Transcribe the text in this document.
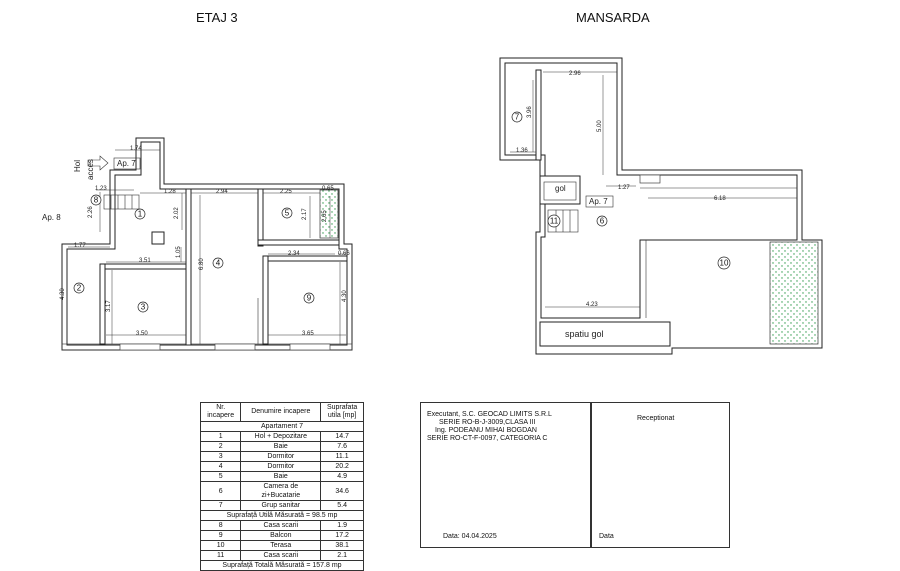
ETAJ 3	MANSARDA
1.74
1.23
2.26
1.28
2.02
2.94	2.25	0.65
2.17 2.65
1.77
3.51
1.05
6.80
2.34	0.66
4.30
3.17
3.50	3.65
4.30
Hol acces	Ap. 7
Ap. 8	1
2
3
4
5
8
9
2.96
3.96
5.00
1.36
1.27
6.18
4.23
gol
Ap. 7
spatiu gol
6
7
10
11
Nr. incapere	Denumire incapere	Suprafata utila [mp]
Apartament 7		
1	Hol + Depozitare	14.7
2	Baie	7.6
3	Dormitor	11.1
4	Dormitor	20.2
5	Baie	4.9
6	Camera de zi+Bucatarie	34.6
7	Grup sanitar	5.4
Suprafață Utilă Măsurată = 98.5 mp		
8	Casa scarii	1.9
9	Balcon	17.2
10	Terasa	38.1
11	Casa scarii	2.1
Suprafață Totală Măsurată = 157.8 mp		
Executant, S.C. GEOCAD LIMITS S.R.L
SERIE RO-B-J-3009,CLASA III
Ing. PODEANU MIHAI BOGDAN
SERIE RO-CT-F-0097, CATEGORIA C
Data: 04.04.2025
Receptionat
Data
